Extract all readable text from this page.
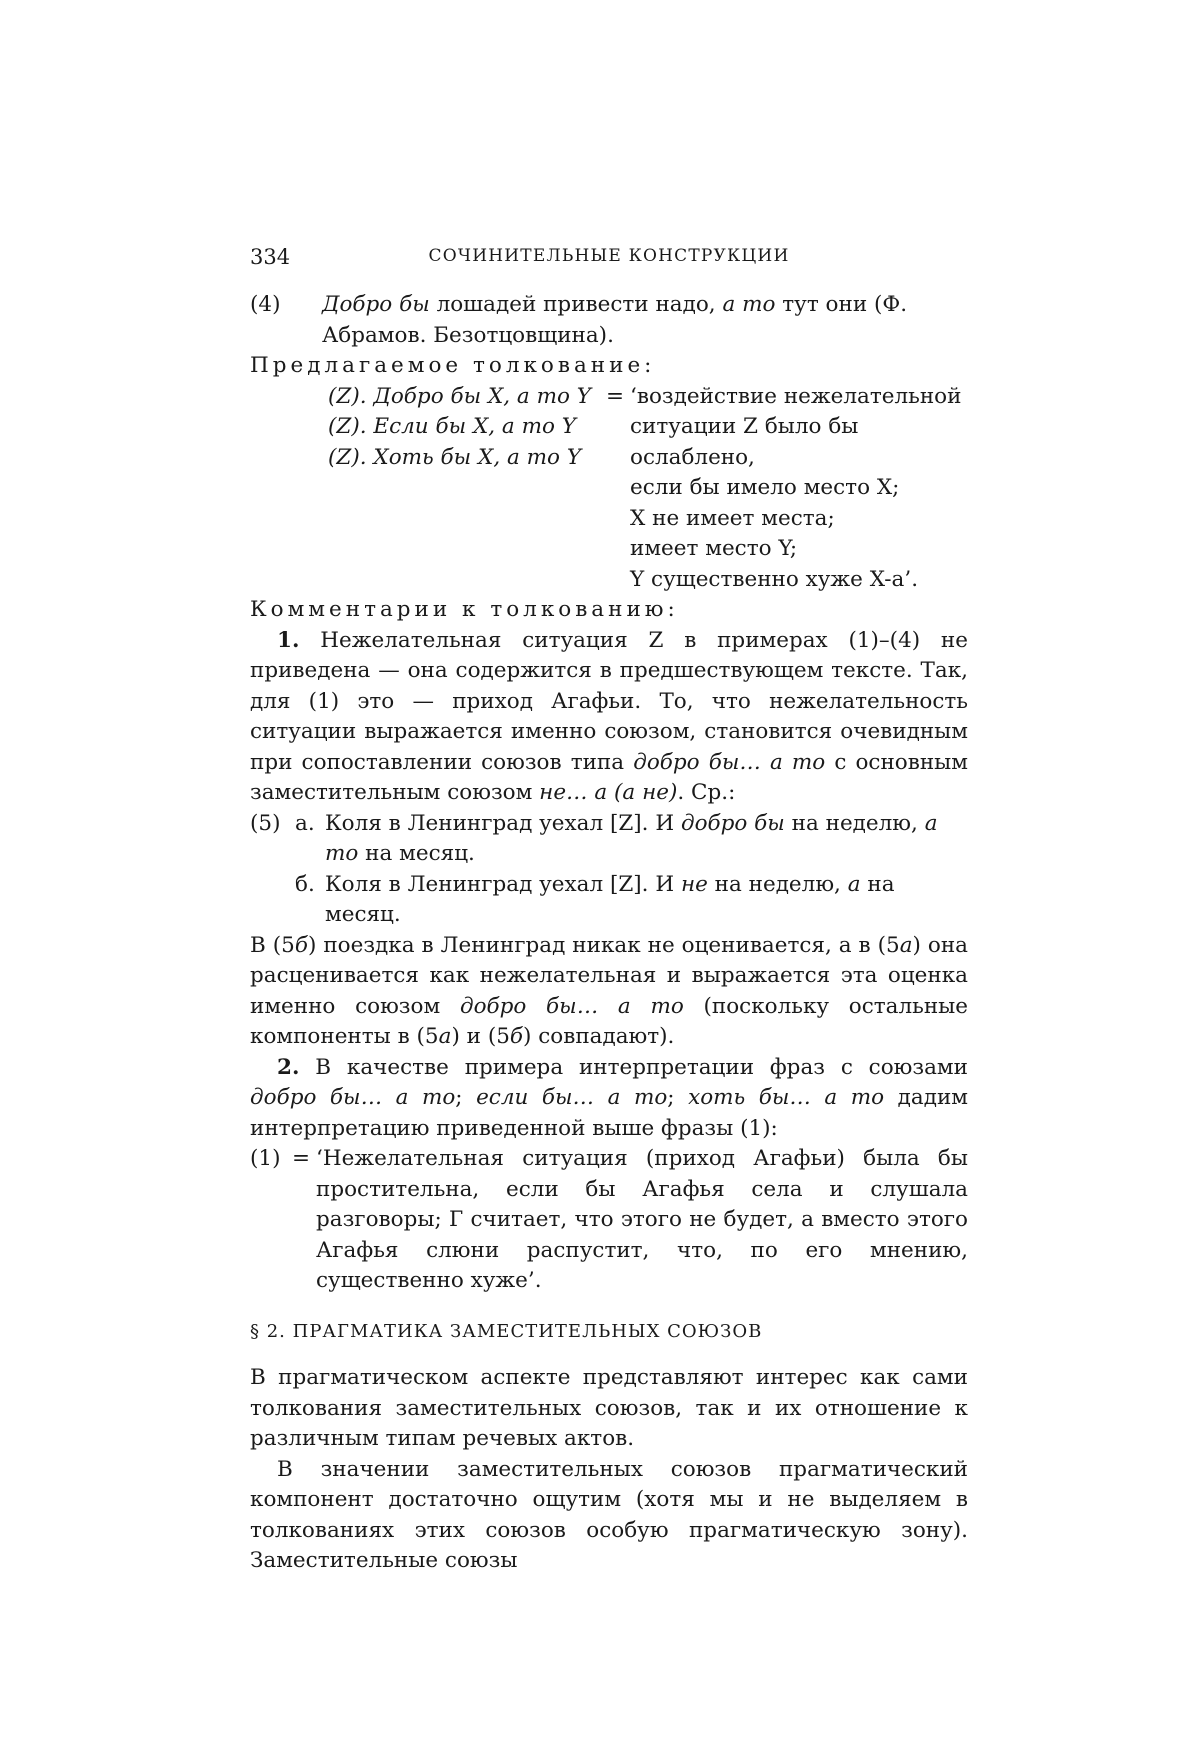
334	СОЧИНИТЕЛЬНЫЕ КОНСТРУКЦИИ
(4)	Добро бы лошадей привести надо, а то тут они (Ф. Абрамов. Безотцовщина).
Предлагаемое толкование:
(Z). Добро бы X, а то Y
(Z). Если бы X, а то Y
(Z). Хоть бы X, а то Y
= ‘воздействие нежелательной
ситуации Z было бы ослаблено,
если бы имело место X;
X не имеет места;
имеет место Y;
Y существенно хуже X-а’.
Комментарии к толкованию:
1. Нежелательная ситуация Z в примерах (1)–(4) не приведена — она содержится в предшествующем тексте. Так, для (1) это — приход Агафьи. То, что нежелательность ситуации выражается именно союзом, становится очевидным при сопоставлении союзов типа добро бы… а то с основным заместительным союзом не… а (а не). Ср.:
(5) а. Коля в Ленинград уехал [Z]. И добро бы на неделю, а то на месяц.
б. Коля в Ленинград уехал [Z]. И не на неделю, а на месяц.
В (5б) поездка в Ленинград никак не оценивается, а в (5а) она расценивается как нежелательная и выражается эта оценка именно союзом добро бы… а то (поскольку остальные компоненты в (5а) и (5б) совпадают).
2. В качестве примера интерпретации фраз с союзами добро бы… а то; если бы… а то; хоть бы… а то дадим интерпретацию приведенной выше фразы (1):
(1) = ‘Нежелательная ситуация (приход Агафьи) была бы простительна, если бы Агафья села и слушала разговоры; Г считает, что этого не будет, а вместо этого Агафья слюни распустит, что, по его мнению, существенно хуже’.
§ 2. ПРАГМАТИКА ЗАМЕСТИТЕЛЬНЫХ СОЮЗОВ
В прагматическом аспекте представляют интерес как сами толкования заместительных союзов, так и их отношение к различным типам речевых актов.
В значении заместительных союзов прагматический компонент достаточно ощутим (хотя мы и не выделяем в толкованиях этих союзов особую прагматическую зону). Заместительные союзы
